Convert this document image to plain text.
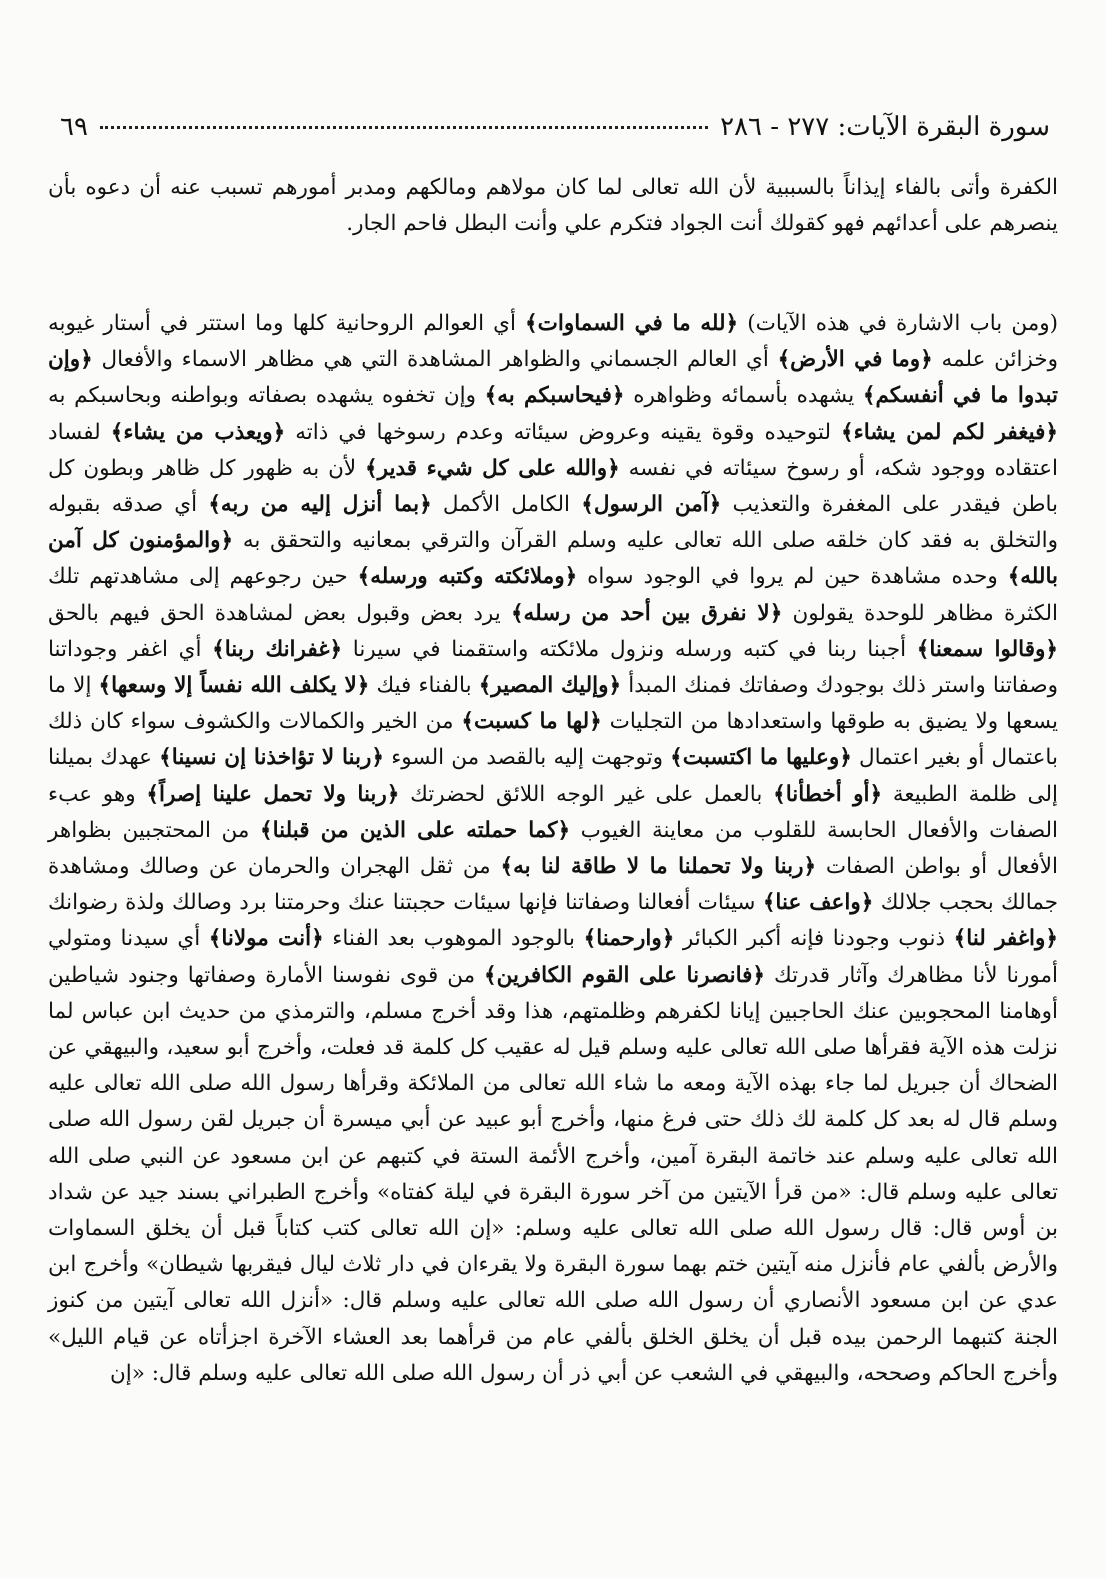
سورة البقرة الآيات: ٢٧٧ - ٢٨٦
٦٩

الكفرة وأتى بالفاء إيذاناً بالسببية لأن الله تعالى لما كان مولاهم ومالكهم ومدبر أمورهم تسبب عنه أن دعوه بأن ينصرهم على أعدائهم فهو كقولك أنت الجواد فتكرم علي وأنت البطل فاحم الجار.

(ومن باب الاشارة في هذه الآيات) ﴿لله ما في السماوات﴾ أي العوالم الروحانية كلها وما استتر في أستار غيوبه وخزائن علمه ﴿وما في الأرض﴾ أي العالم الجسماني والظواهر المشاهدة التي هي مظاهر الاسماء والأفعال ﴿وإن تبدوا ما في أنفسكم﴾ يشهده بأسمائه وظواهره ﴿فيحاسبكم به﴾ وإن تخفوه يشهده بصفاته وبواطنه وبحاسبكم به ﴿فيغفر لكم لمن يشاء﴾ لتوحيده وقوة يقينه وعروض سيئاته وعدم رسوخها في ذاته ﴿ويعذب من يشاء﴾ لفساد اعتقاده ووجود شكه، أو رسوخ سيئاته في نفسه ﴿والله على كل شيء قدير﴾ لأن به ظهور كل ظاهر وبطون كل باطن فيقدر على المغفرة والتعذيب ﴿آمن الرسول﴾ الكامل الأكمل ﴿بما أنزل إليه من ربه﴾ أي صدقه بقبوله والتخلق به فقد كان خلقه صلى الله تعالى عليه وسلم القرآن والترقي بمعانيه والتحقق به ﴿والمؤمنون كل آمن بالله﴾ وحده مشاهدة حين لم يروا في الوجود سواه ﴿وملائكته وكتبه ورسله﴾ حين رجوعهم إلى مشاهدتهم تلك الكثرة مظاهر للوحدة يقولون ﴿لا نفرق بين أحد من رسله﴾ يرد بعض وقبول بعض لمشاهدة الحق فيهم بالحق ﴿وقالوا سمعنا﴾ أجبنا ربنا في كتبه ورسله ونزول ملائكته واستقمنا في سيرنا ﴿غفرانك ربنا﴾ أي اغفر وجوداتنا وصفاتنا واستر ذلك بوجودك وصفاتك فمنك المبدأ ﴿وإليك المصير﴾ بالفناء فيك ﴿لا يكلف الله نفساً إلا وسعها﴾ إلا ما يسعها ولا يضيق به طوقها واستعدادها من التجليات ﴿لها ما كسبت﴾ من الخير والكمالات والكشوف سواء كان ذلك باعتمال أو بغير اعتمال ﴿وعليها ما اكتسبت﴾ وتوجهت إليه بالقصد من السوء ﴿ربنا لا تؤاخذنا إن نسينا﴾ عهدك بميلنا إلى ظلمة الطبيعة ﴿أو أخطأنا﴾ بالعمل على غير الوجه اللائق لحضرتك ﴿ربنا ولا تحمل علينا إصراً﴾ وهو عبء الصفات والأفعال الحابسة للقلوب من معاينة الغيوب ﴿كما حملته على الذين من قبلنا﴾ من المحتجبين بظواهر الأفعال أو بواطن الصفات ﴿ربنا ولا تحملنا ما لا طاقة لنا به﴾ من ثقل الهجران والحرمان عن وصالك ومشاهدة جمالك بحجب جلالك ﴿واعف عنا﴾ سيئات أفعالنا وصفاتنا فإنها سيئات حجبتنا عنك وحرمتنا برد وصالك ولذة رضوانك ﴿واغفر لنا﴾ ذنوب وجودنا فإنه أكبر الكبائر ﴿وارحمنا﴾ بالوجود الموهوب بعد الفناء ﴿أنت مولانا﴾ أي سيدنا ومتولي أمورنا لأنا مظاهرك وآثار قدرتك ﴿فانصرنا على القوم الكافرين﴾ من قوى نفوسنا الأمارة وصفاتها وجنود شياطين أوهامنا المحجوبين عنك الحاجبين إيانا لكفرهم وظلمتهم، هذا وقد أخرج مسلم، والترمذي من حديث ابن عباس لما نزلت هذه الآية فقرأها صلى الله تعالى عليه وسلم قيل له عقيب كل كلمة قد فعلت، وأخرج أبو سعيد، والبيهقي عن الضحاك أن جبريل لما جاء بهذه الآية ومعه ما شاء الله تعالى من الملائكة وقرأها رسول الله صلى الله تعالى عليه وسلم قال له بعد كل كلمة لك ذلك حتى فرغ منها، وأخرج أبو عبيد عن أبي ميسرة أن جبريل لقن رسول الله صلى الله تعالى عليه وسلم عند خاتمة البقرة آمين، وأخرج الأئمة الستة في كتبهم عن ابن مسعود عن النبي صلى الله تعالى عليه وسلم قال: «من قرأ الآيتين من آخر سورة البقرة في ليلة كفتاه» وأخرج الطبراني بسند جيد عن شداد بن أوس قال: قال رسول الله صلى الله تعالى عليه وسلم: «إن الله تعالى كتب كتاباً قبل أن يخلق السماوات والأرض بألفي عام فأنزل منه آيتين ختم بهما سورة البقرة ولا يقرءان في دار ثلاث ليال فيقربها شيطان» وأخرج ابن عدي عن ابن مسعود الأنصاري أن رسول الله صلى الله تعالى عليه وسلم قال: «أنزل الله تعالى آيتين من كنوز الجنة كتبهما الرحمن بيده قبل أن يخلق الخلق بألفي عام من قرأهما بعد العشاء الآخرة اجزأتاه عن قيام الليل» وأخرج الحاكم وصححه، والبيهقي في الشعب عن أبي ذر أن رسول الله صلى الله تعالى عليه وسلم قال: «إن
